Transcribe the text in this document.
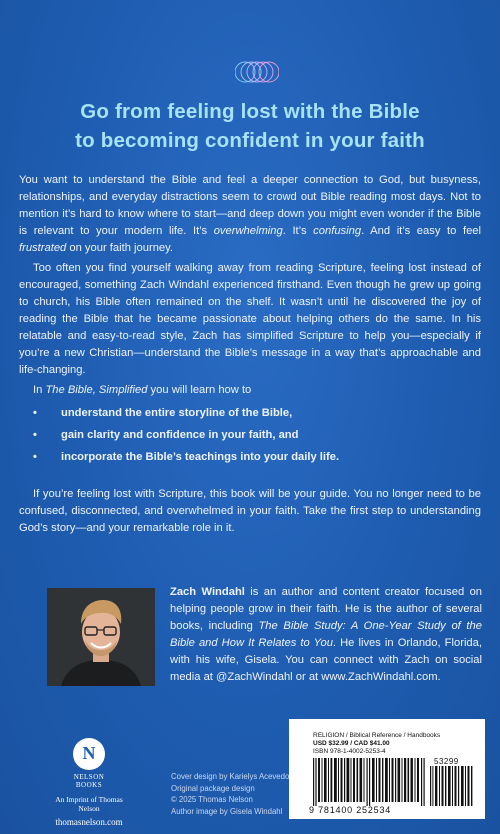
Go from feeling lost with the Bible
to becoming confident in your faith

You want to understand the Bible and feel a deeper connection to God, but busyness, relationships, and everyday distractions seem to crowd out Bible reading most days. Not to mention it’s hard to know where to start—and deep down you might even wonder if the Bible is relevant to your modern life. It’s overwhelming. It’s confusing. And it’s easy to feel frustrated on your faith journey.

Too often you find yourself walking away from reading Scripture, feeling lost instead of encouraged, something Zach Windahl experienced firsthand. Even though he grew up going to church, his Bible often remained on the shelf. It wasn’t until he discovered the joy of reading the Bible that he became passionate about helping others do the same. In his relatable and easy-to-read style, Zach has simplified Scripture to help you—especially if you’re a new Christian—understand the Bible’s message in a way that’s approachable and life-changing.

In The Bible, Simplified you will learn how to

• understand the entire storyline of the Bible,
• gain clarity and confidence in your faith, and
• incorporate the Bible’s teachings into your daily life.

If you’re feeling lost with Scripture, this book will be your guide. You no longer need to be confused, disconnected, and overwhelmed in your faith. Take the first step to understanding God’s story—and your remarkable role in it.

Zach Windahl is an author and content creator focused on helping people grow in their faith. He is the author of several books, including The Bible Study: A One-Year Study of the Bible and How It Relates to You. He lives in Orlando, Florida, with his wife, Gisela. You can connect with Zach on social media at @ZachWindahl or at www.ZachWindahl.com.

N
NELSON
BOOKS
An Imprint of Thomas Nelson
thomasnelson.com
Cover design by Karielys Acevedo
Original package design
© 2025 Thomas Nelson
Author image by Gisela Windahl
RELIGION / Biblical Reference / Handbooks
USD $32.99 / CAD $41.00
ISBN 978-1-4002-5253-4
53299
9 781400 252534
